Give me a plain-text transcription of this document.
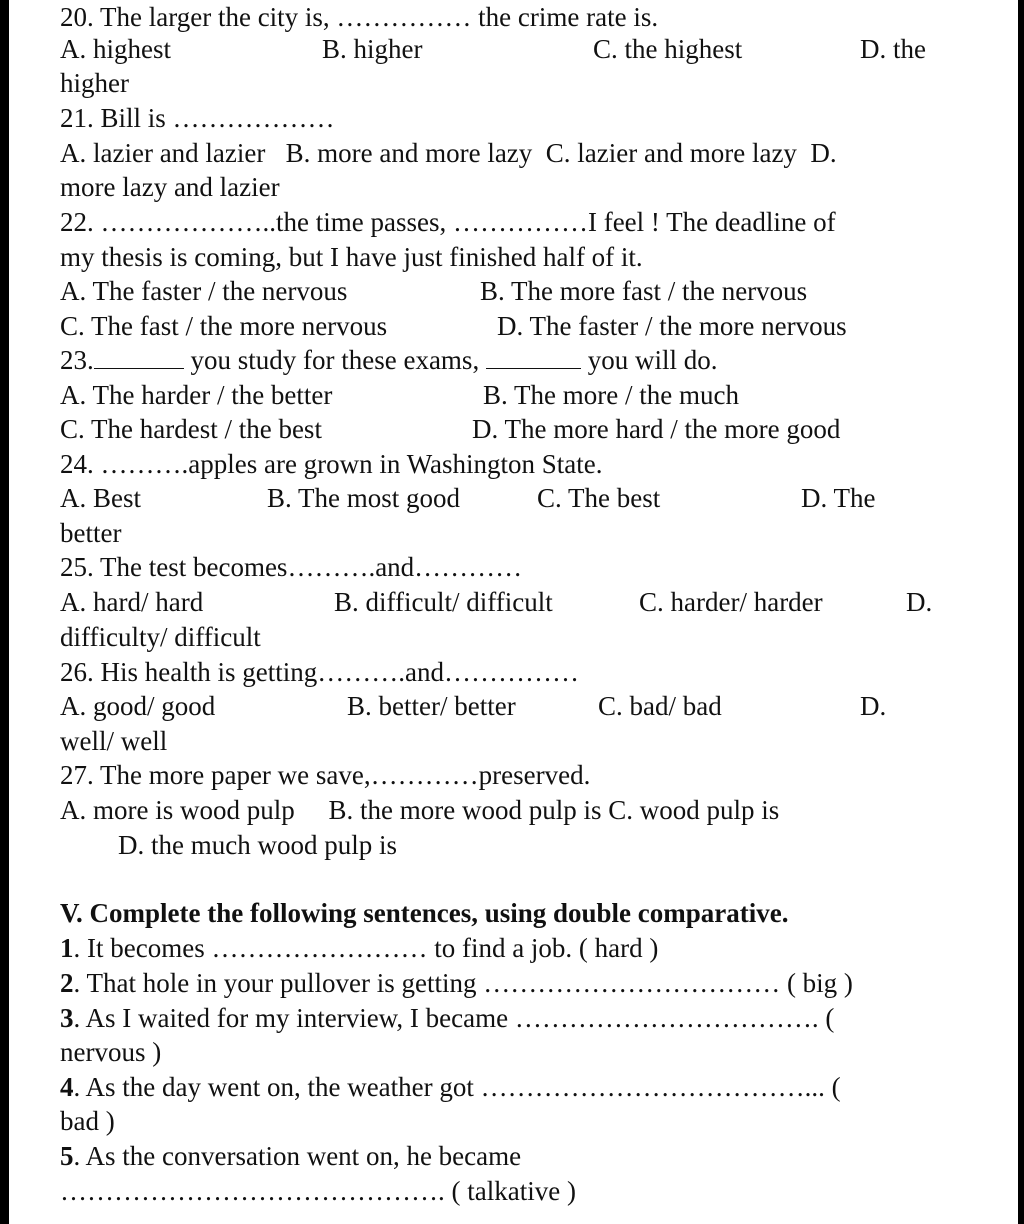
20. The larger the city is, …………… the crime rate is.
A. highest	B. higher	C. the highest	D. the
higher
21. Bill is ………………
A. lazier and lazier   B. more and more lazy  C. lazier and more lazy  D.
more lazy and lazier
22. ………………..the time passes, ……………I feel ! The deadline of
my thesis is coming, but I have just finished half of it.
A. The faster / the nervous	B. The more fast / the nervous
C. The fast / the more nervous	D. The faster / the more nervous
23.	you study for these exams,	you will do.
A. The harder / the better	B. The more / the much
C. The hardest / the best	D. The more hard / the more good
24. ……….apples are grown in Washington State.
A. Best	B. The most good	C. The best	D. The
better
25. The test becomes……….and…………
A. hard/ hard	B. difficult/ difficult	C. harder/ harder	D.
difficulty/ difficult
26. His health is getting……….and……………
A. good/ good	B. better/ better	C. bad/ bad	D.
well/ well
27. The more paper we save,…………preserved.
A. more is wood pulp     B. the more wood pulp is C. wood pulp is
D. the much wood pulp is
V. Complete the following sentences, using double comparative.
1. It becomes …………………… to find a job. ( hard )
2. That hole in your pullover is getting …………………………… ( big )
3. As I waited for my interview, I became ……………………………. (
nervous )
4. As the day went on, the weather got ………………………………... (
bad )
5. As the conversation went on, he became
……………………………………. ( talkative )
